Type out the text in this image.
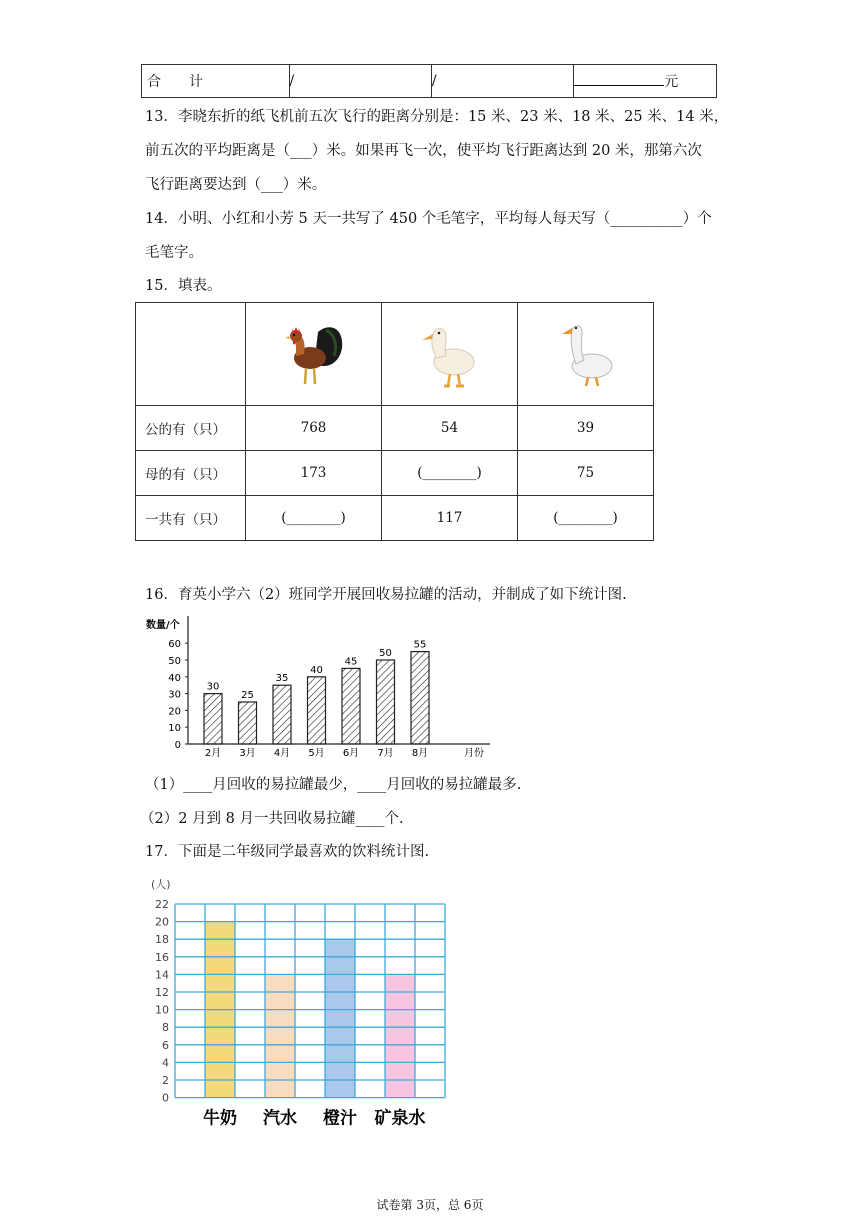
合　　计	/	/	元
13．李晓东折的纸飞机前五次飞行的距离分别是：15 米、23 米、18 米、25 米、14 米，
前五次的平均距离是（___）米。如果再飞一次，使平均飞行距离达到 20 米，那第六次
飞行距离要达到（___）米。
14．小明、小红和小芳 5 天一共写了 450 个毛笔字，平均每人每天写（__________）个
毛笔字。
15．填表。

公的有（只）	768	54	39
母的有（只）	173	(________)	75
一共有（只）	(________)	117	(________)
16．育英小学六（2）班同学开展回收易拉罐的活动，并制成了如下统计图.
数量/个
0
10
20
30
40
50
60
30
2月
25
3月
35
4月
40
5月
45
6月
50
7月
55
8月	月份
（1）____月回收的易拉罐最少，____月回收的易拉罐最多.
（2）2 月到 8 月一共回收易拉罐____个.
17．下面是二年级同学最喜欢的饮料统计图.
牛奶 汽水 橙汁 矿泉水
0
2
4
6
8
10
12
14
16
18
20
22
(人)
试卷第 3页，总 6页
